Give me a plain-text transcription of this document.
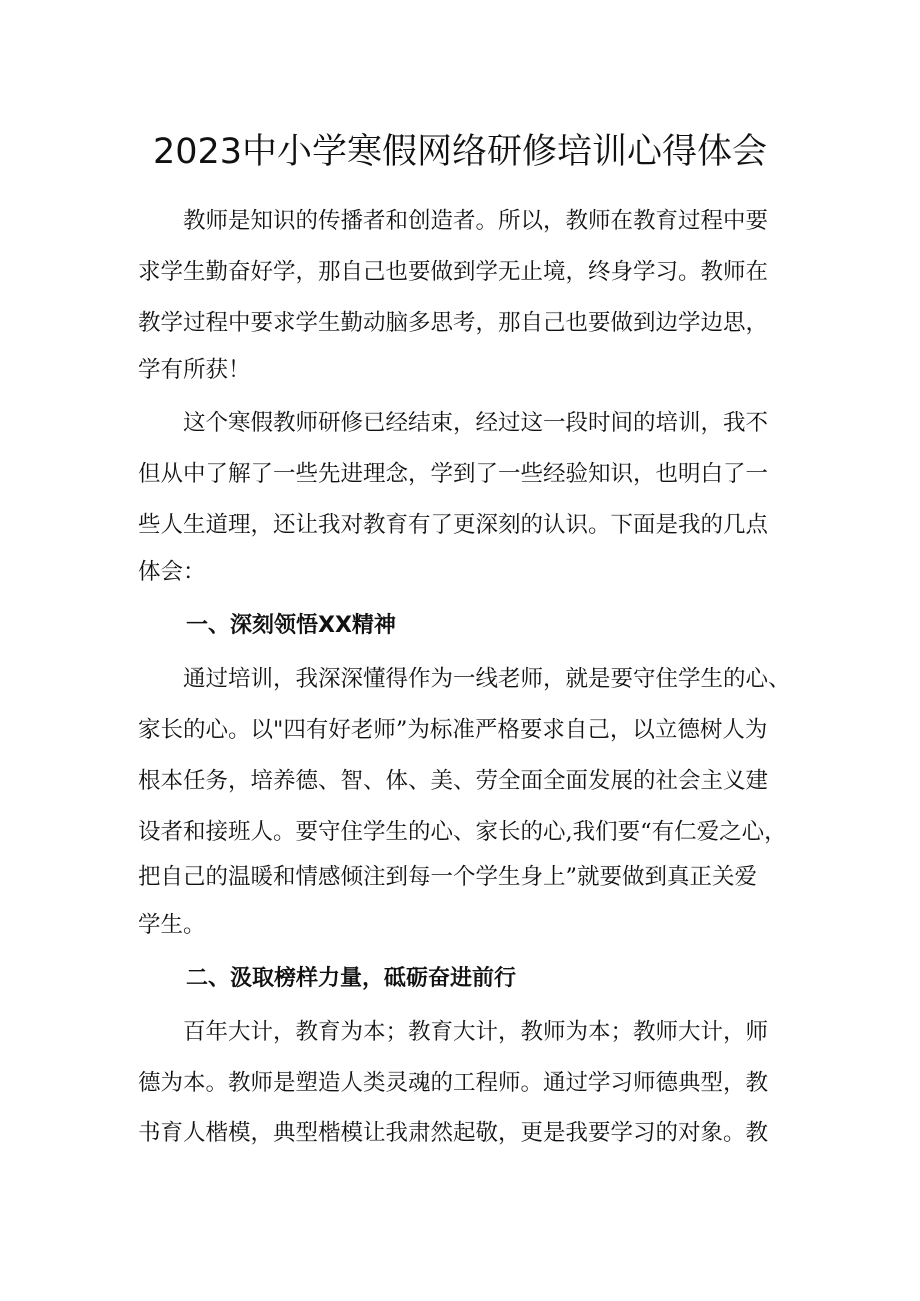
2023中小学寒假网络研修培训心得体会
　　教师是知识的传播者和创造者。所以，教师在教育过程中要
求学生勤奋好学，那自己也要做到学无止境，终身学习。教师在
教学过程中要求学生勤动脑多思考，那自己也要做到边学边思，
学有所获！
　　这个寒假教师研修已经结束，经过这一段时间的培训，我不
但从中了解了一些先进理念，学到了一些经验知识，也明白了一
些人生道理，还让我对教育有了更深刻的认识。下面是我的几点
体会：
一、深刻领悟XX精神
　　通过培训，我深深懂得作为一线老师，就是要守住学生的心、
家长的心。以"四有好老师”为标准严格要求自己，以立德树人为
根本任务，培养德、智、体、美、劳全面全面发展的社会主义建
设者和接班人。要守住学生的心、家长的心,我们要“有仁爱之心，
把自己的温暖和情感倾注到每一个学生身上”就要做到真正关爱
学生。
二、汲取榜样力量，砥砺奋进前行
　　百年大计，教育为本；教育大计，教师为本；教师大计，师
德为本。教师是塑造人类灵魂的工程师。通过学习师德典型，教
书育人楷模，典型楷模让我肃然起敬，更是我要学习的对象。教
